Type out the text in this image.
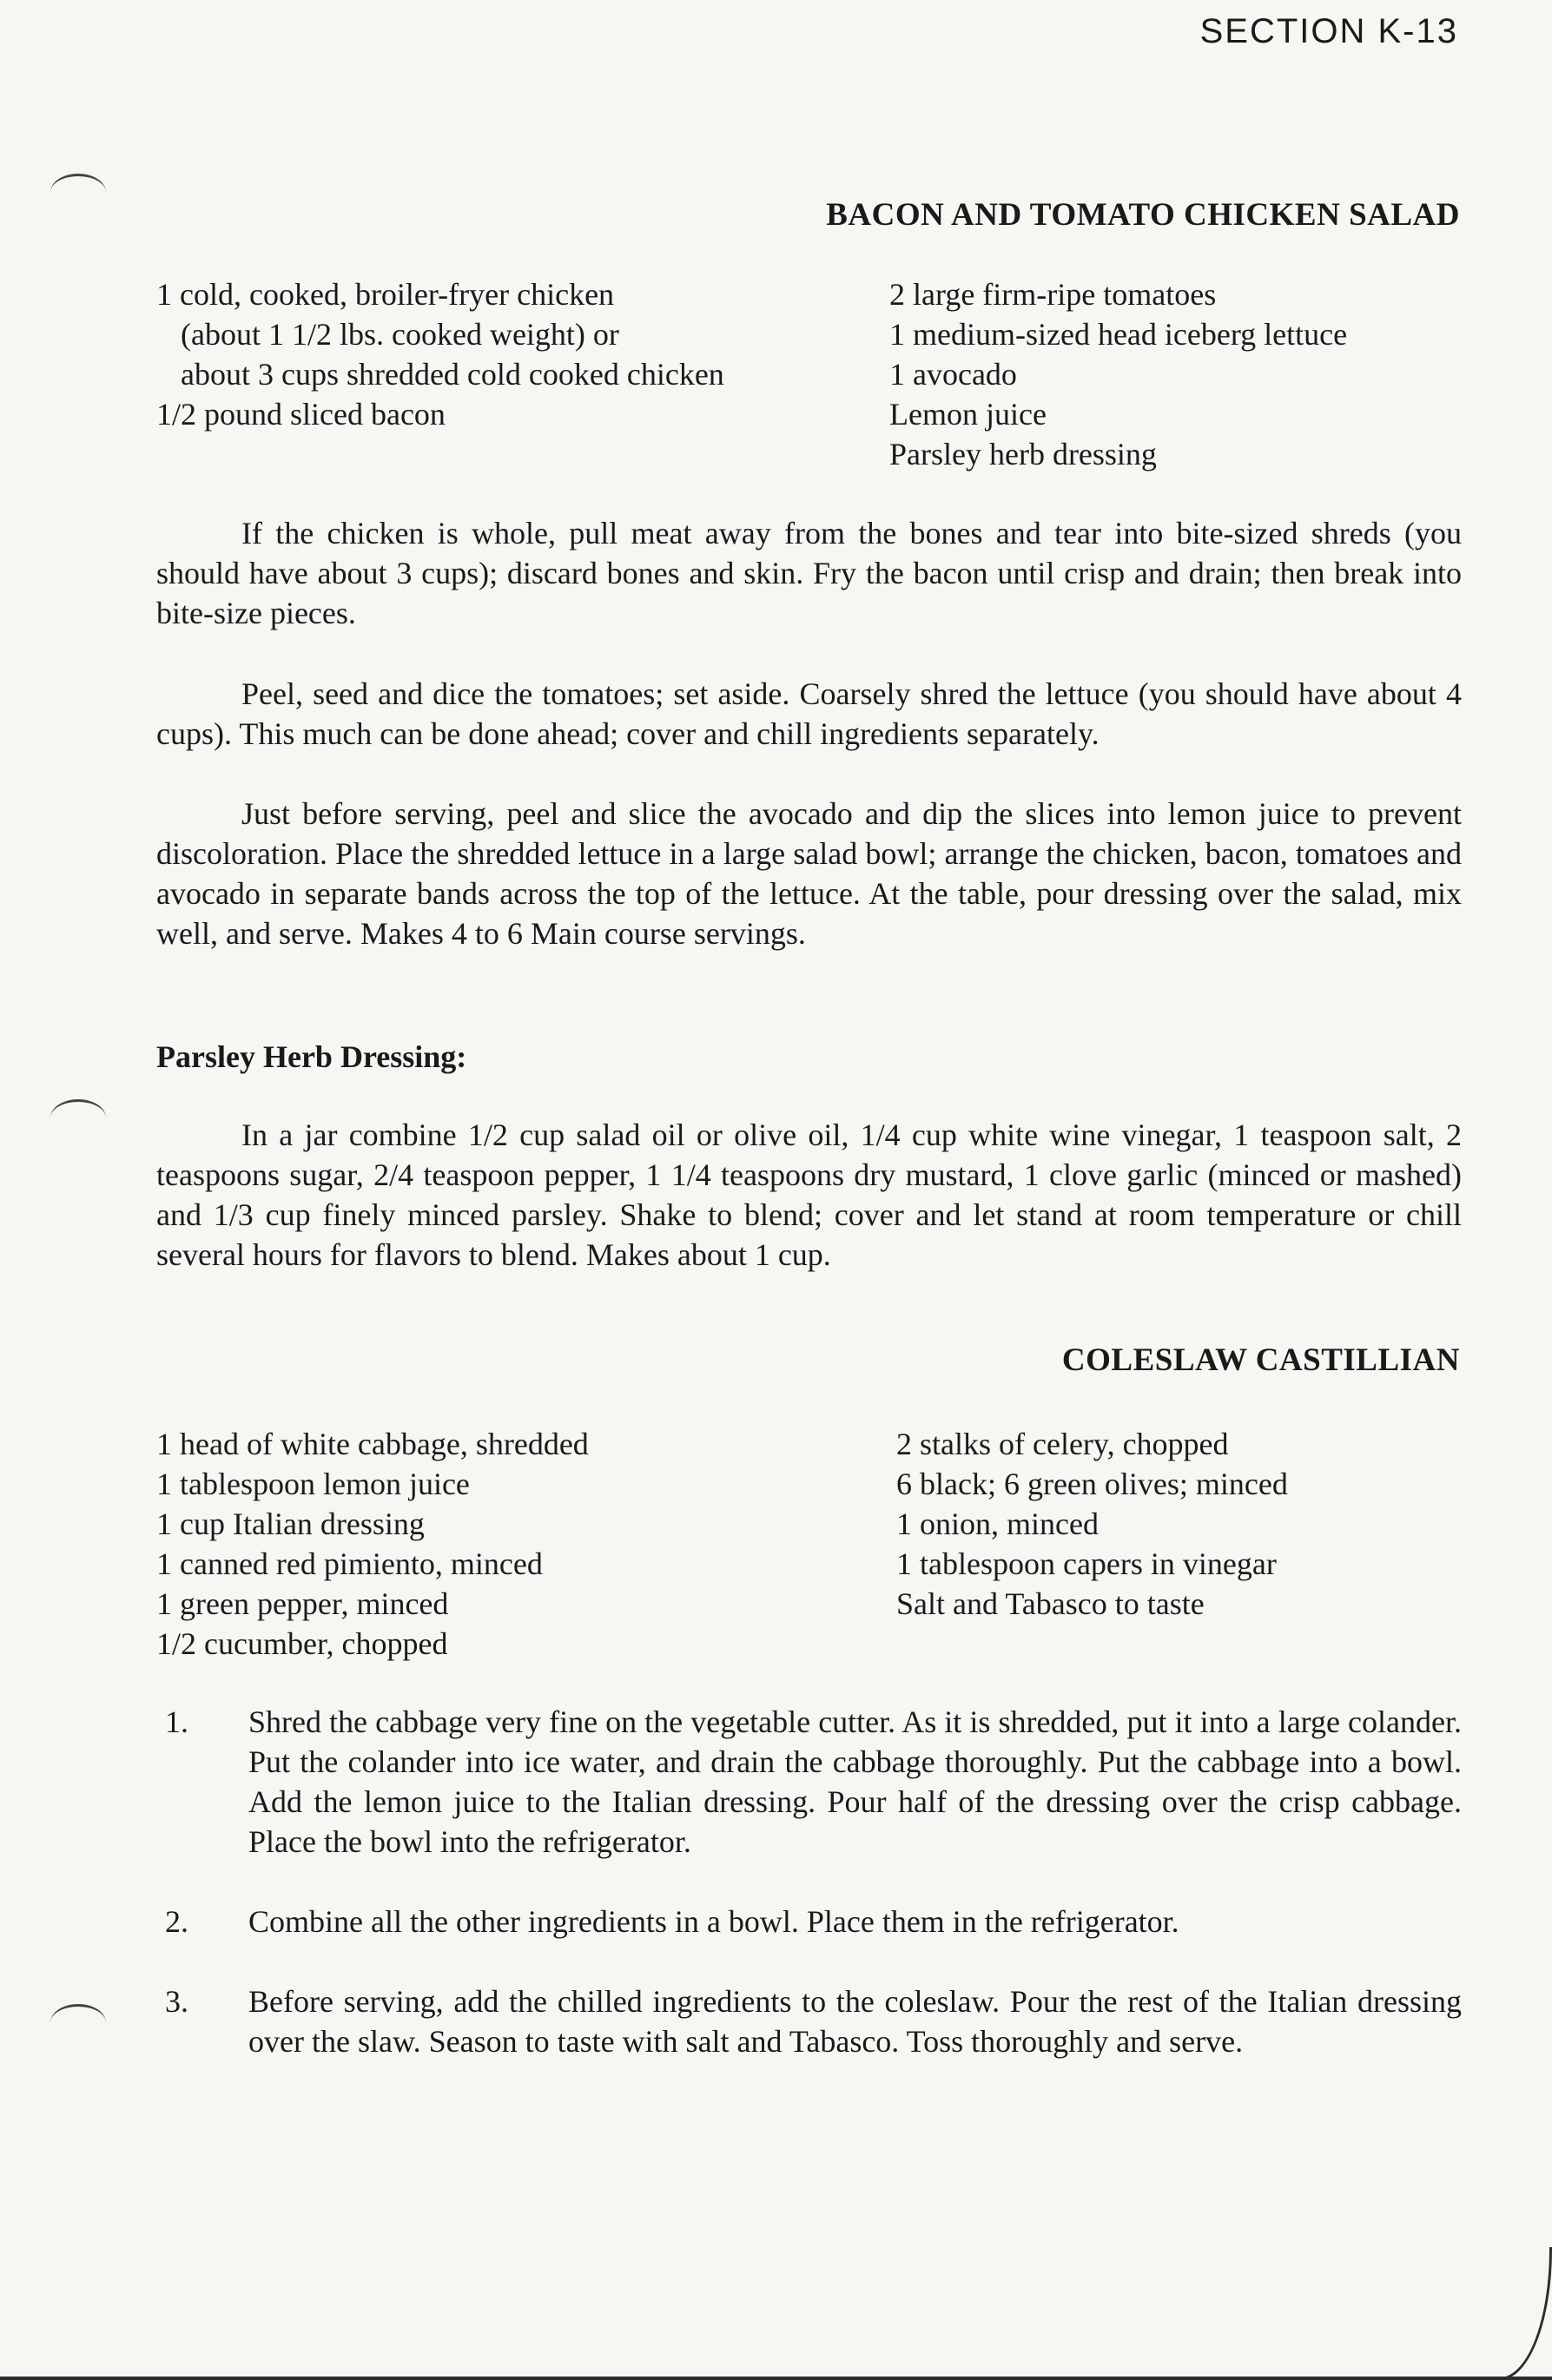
SECTION K-13
BACON AND TOMATO CHICKEN SALAD
1 cold, cooked, broiler-fryer chicken
(about 1 1/2 lbs. cooked weight) or
about 3 cups shredded cold cooked chicken
1/2 pound sliced bacon
2 large firm-ripe tomatoes
1 medium-sized head iceberg lettuce
1 avocado
Lemon juice
Parsley herb dressing

If the chicken is whole, pull meat away from the bones and tear into bite-sized shreds (you should have about 3 cups); discard bones and skin. Fry the bacon until crisp and drain; then break into bite-size pieces.

Peel, seed and dice the tomatoes; set aside. Coarsely shred the lettuce (you should have about 4 cups). This much can be done ahead; cover and chill ingredients separately.

Just before serving, peel and slice the avocado and dip the slices into lemon juice to prevent discoloration. Place the shredded lettuce in a large salad bowl; arrange the chicken, bacon, tomatoes and avocado in separate bands across the top of the lettuce. At the table, pour dressing over the salad, mix well, and serve. Makes 4 to 6 Main course servings.

Parsley Herb Dressing:

In a jar combine 1/2 cup salad oil or olive oil, 1/4 cup white wine vinegar, 1 teaspoon salt, 2 teaspoons sugar, 2/4 teaspoon pepper, 1 1/4 teaspoons dry mustard, 1 clove garlic (minced or mashed) and 1/3 cup finely minced parsley. Shake to blend; cover and let stand at room temperature or chill several hours for flavors to blend. Makes about 1 cup.

COLESLAW CASTILLIAN
1 head of white cabbage, shredded
1 tablespoon lemon juice
1 cup Italian dressing
1 canned red pimiento, minced
1 green pepper, minced
1/2 cucumber, chopped
2 stalks of celery, chopped
6 black; 6 green olives; minced
1 onion, minced
1 tablespoon capers in vinegar
Salt and Tabasco to taste
1. Shred the cabbage very fine on the vegetable cutter. As it is shredded, put it into a large colander. Put the colander into ice water, and drain the cabbage thoroughly. Put the cabbage into a bowl. Add the lemon juice to the Italian dressing. Pour half of the dressing over the crisp cabbage. Place the bowl into the refrigerator.
2. Combine all the other ingredients in a bowl. Place them in the refrigerator.
3. Before serving, add the chilled ingredients to the coleslaw. Pour the rest of the Italian dressing over the slaw. Season to taste with salt and Tabasco. Toss thoroughly and serve.
